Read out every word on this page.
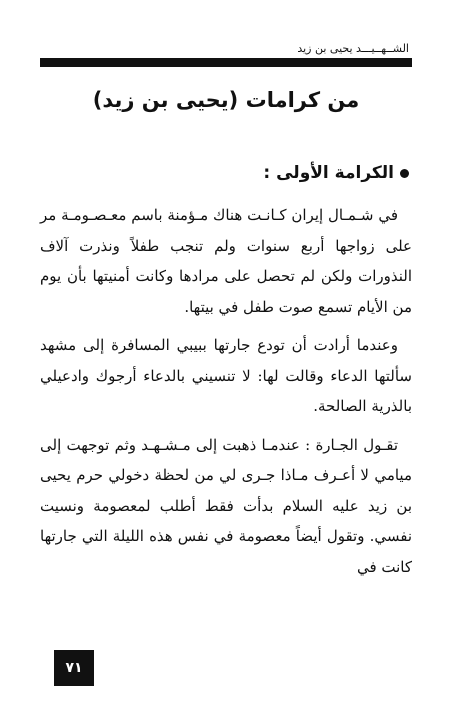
الشــهــيـــد يحيى بن زيد
من كرامات (يحيى بن زيد)
الكرامة الأولى :

في شـمـال إيران كـانـت هناك مـؤمنة باسم معـصـومـة مر على زواجها أربع سنوات ولم تنجب طفلاً ونذرت آلاف النذورات ولكن لم تحصل على مرادها وكانت أمنيتها بأن يوم من الأيام تسمع صوت طفل في بيتها.

وعندما أرادت أن تودع جارتها ببيبي المسافرة إلى مشهد سألتها الدعاء وقالت لها: لا تنسيني بالدعاء أرجوك وادعيلي بالذرية الصالحة.

تقـول الجـارة : عندمـا ذهبت إلى مـشـهـد وثم توجهت إلى ميامي لا أعـرف مـاذا جـرى لي من لحظة دخولي حرم يحيى بن زيد عليه السلام بدأت فقط أطلب لمعصومة ونسيت نفسي. وتقول أيضاً معصومة في نفس هذه الليلة التي جارتها كانت في

٧١
